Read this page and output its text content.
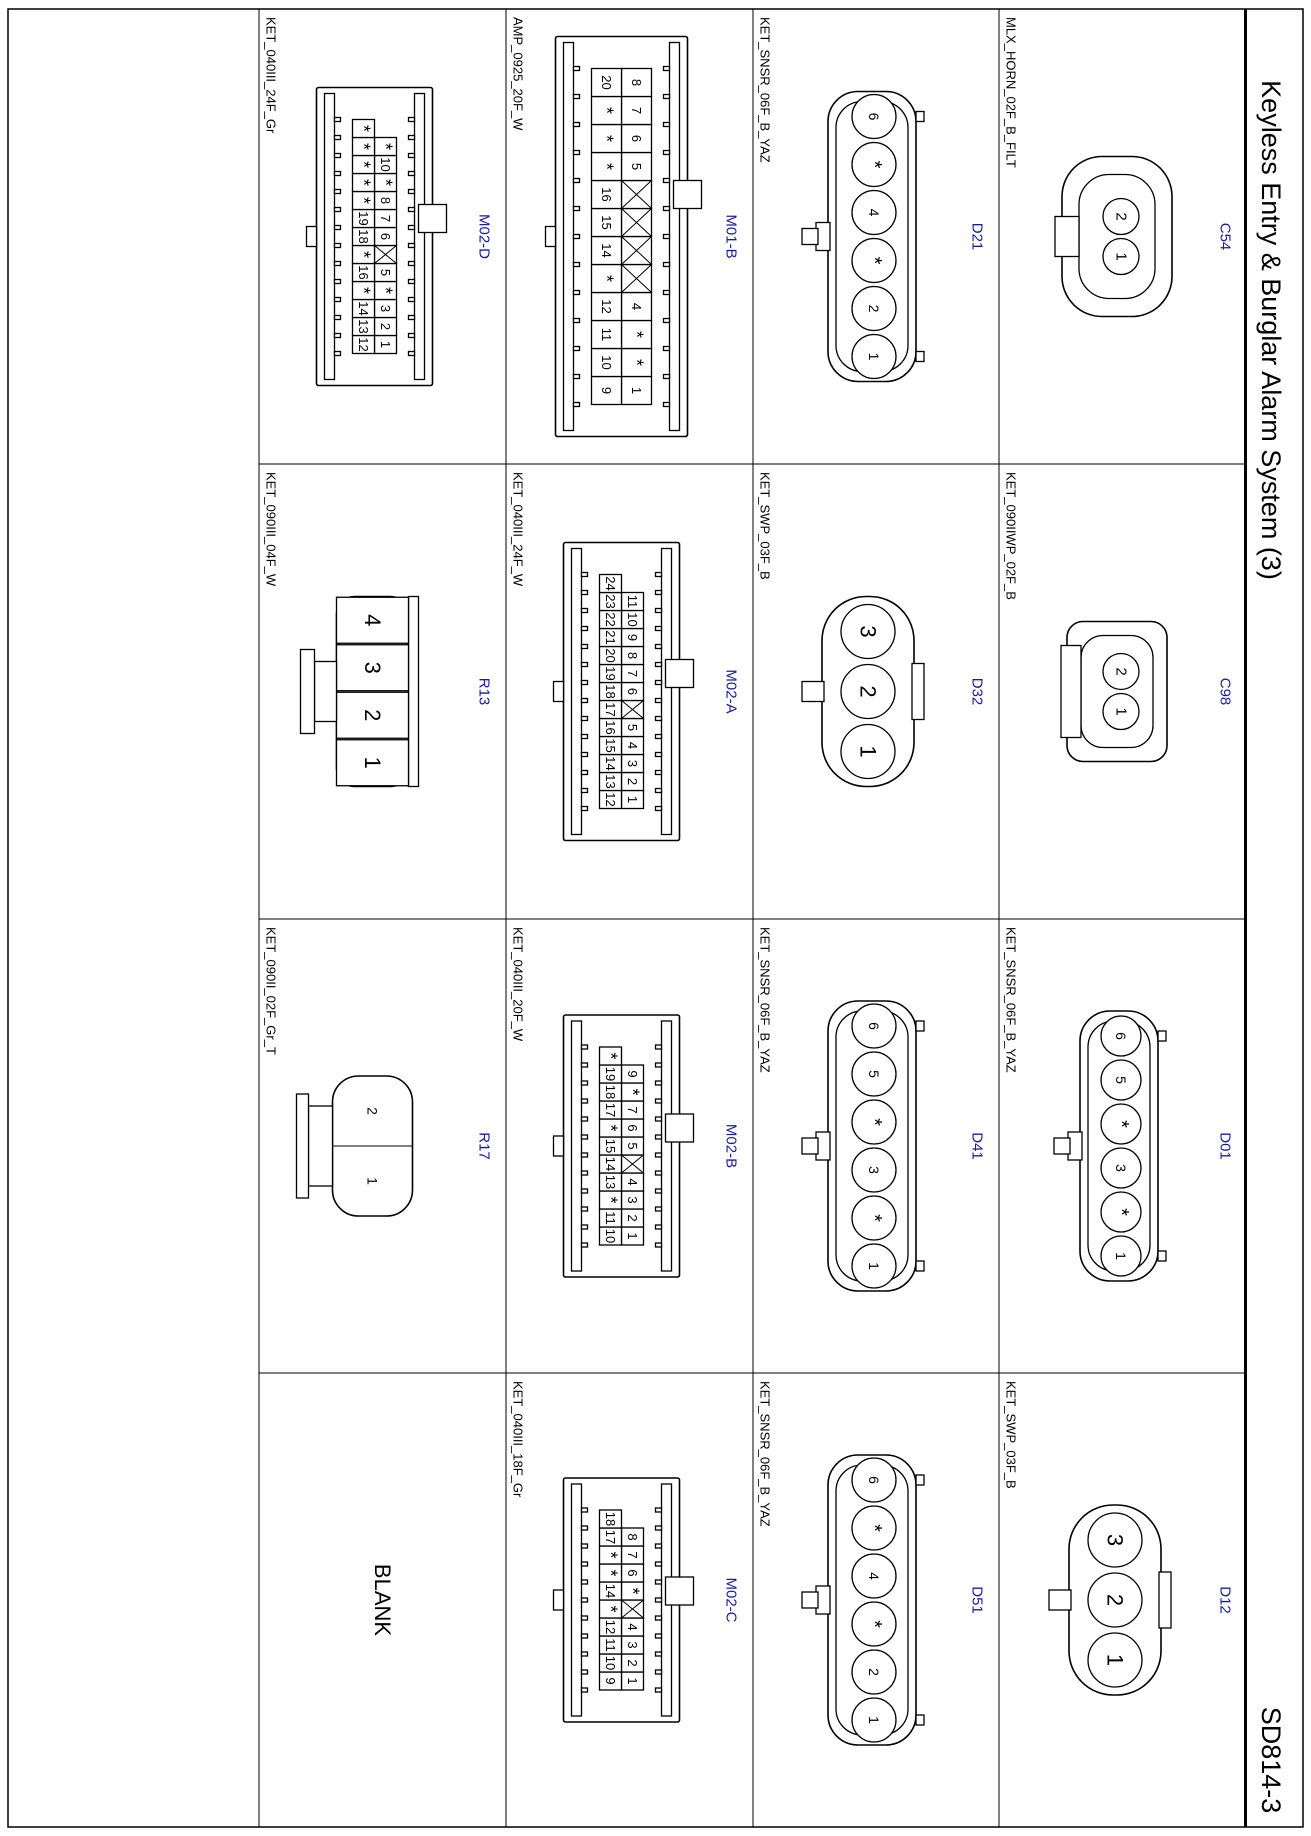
Keyless Entry & Burglar Alarm System (3)
SD814-3
C54
MLX_HORN_02F_B_FILT
1
2
C98
KET_090IIWP_02F_B
1
2
D01
KET_SNSR_06F_B_YAZ
1
*
3
*
5
6
D12
KET_SWP_03F_B
1
2
3
D21
KET_SNSR_06F_B_YAZ
1
2
*
4
*
6
D32
KET_SWP_03F_B
1
2
3
D41
KET_SNSR_06F_B_YAZ
1
*
3
*
5
6
D51
KET_SNSR_06F_B_YAZ
1
2
*
4
*
6
M01-B
AMP_0925_20F_W
1
*
*
4
5
6
7
8
9
10
11
12
*
14
15
16
*
*
*
20
M02-A
KET_040III_24F_W
1
2
3
4
5
6
7
8
9
10
11
12
13
14
15
16
17
18
19
20
21
22
23
24
M02-B
KET_040III_20F_W
1
2
3
4
5
6
7
*
9
10
11
*
13
14
15
*
17
18
19
*
M02-C
KET_040III_18F_Gr
1
2
3
4
*
6
7
8
9
10
11
12
*
14
*
*
17
18
M02-D
KET_040III_24F_Gr
1
2
3
*
5
6
7
8
*
10
*
12
13
14
*
16
*
18
19
*
*
*
*
*
R13
KET_090III_04F_W
1
2
3
4
R17
KET_090II_02F_Gr_T
1
2
BLANK
